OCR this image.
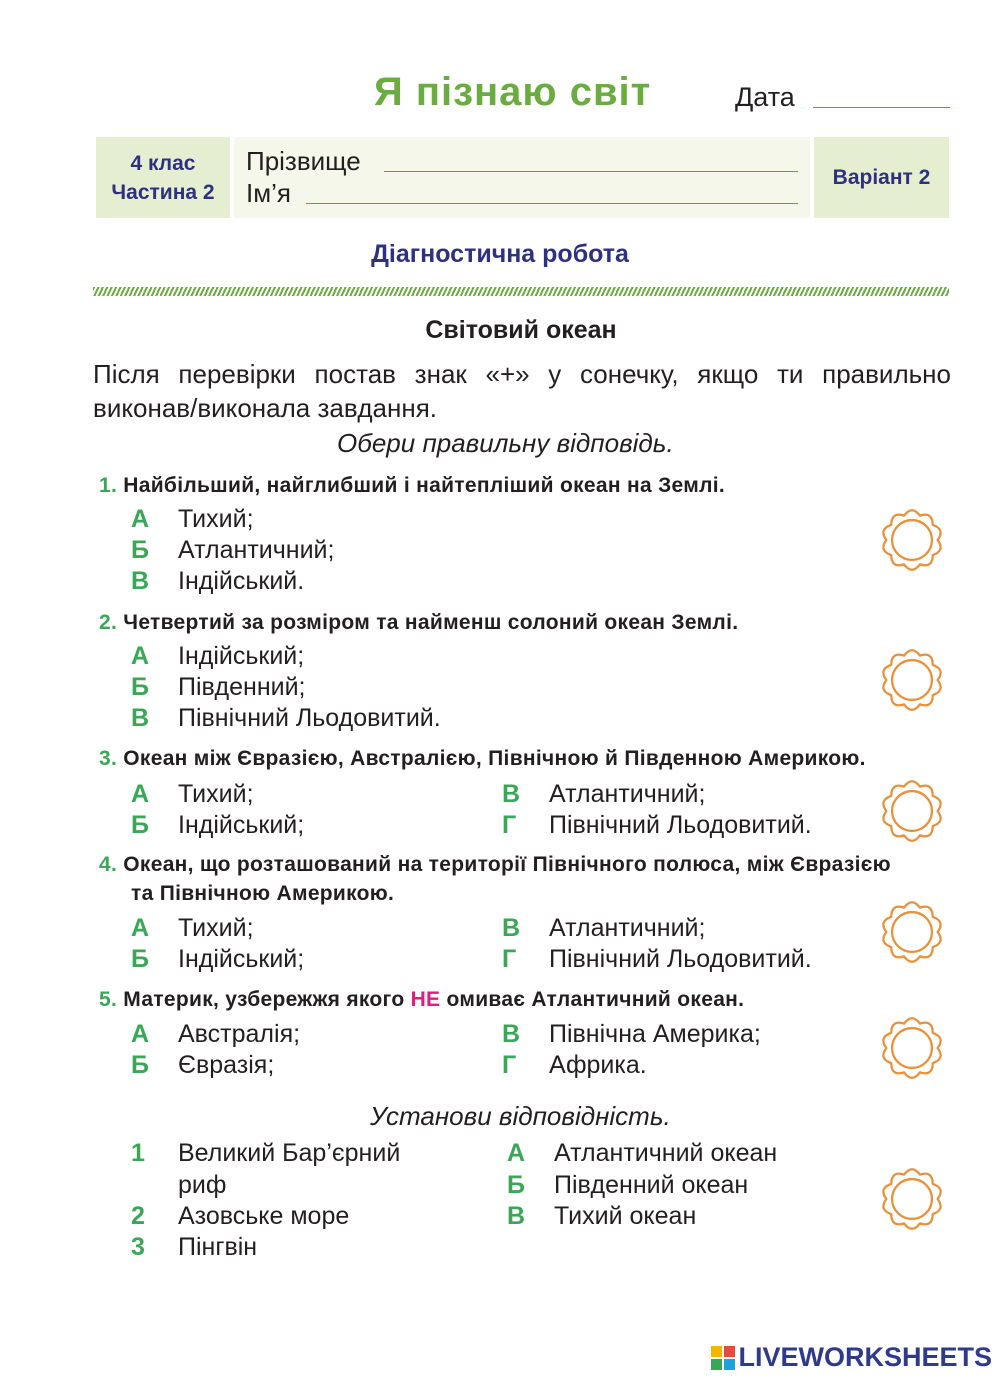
Я пізнаю світ	Дата
4 клас
Частина 2
Прізвище
Ім’я
Варіант 2
Діагностична робота
Світовий океан
Після перевірки постав знак «+» у сонечку, якщо ти правильно виконав/виконала завдання.
Обери правильну відповідь.
1. Найбільший, найглибший і найтепліший океан на Землі.
А Тихий;
Б Атлантичний;
В Індійський.
2. Четвертий за розміром та найменш солоний океан Землі.
А Індійський;
Б Південний;
В Північний Льодовитий.
3. Океан між Євразією, Австралією, Північною й Південною Америкою.
А Тихий;
Б Індійський;
В Атлантичний;
Г Північний Льодовитий.
4. Океан, що розташований на території Північного полюса, між Євразією
та Північною Америкою.
А Тихий;
Б Індійський;
В Атлантичний;
Г Північний Льодовитий.
5. Материк, узбережжя якого НЕ омиває Атлантичний океан.
А Австралія;
Б Євразія;
В Північна Америка;
Г Африка.
Установи відповідність.
1 Великий Бар’єрний
риф
2 Азовське море
3 Пінгвін
А Атлантичний океан
Б Південний океан
В Тихий океан
LIVEWORKSHEETS
